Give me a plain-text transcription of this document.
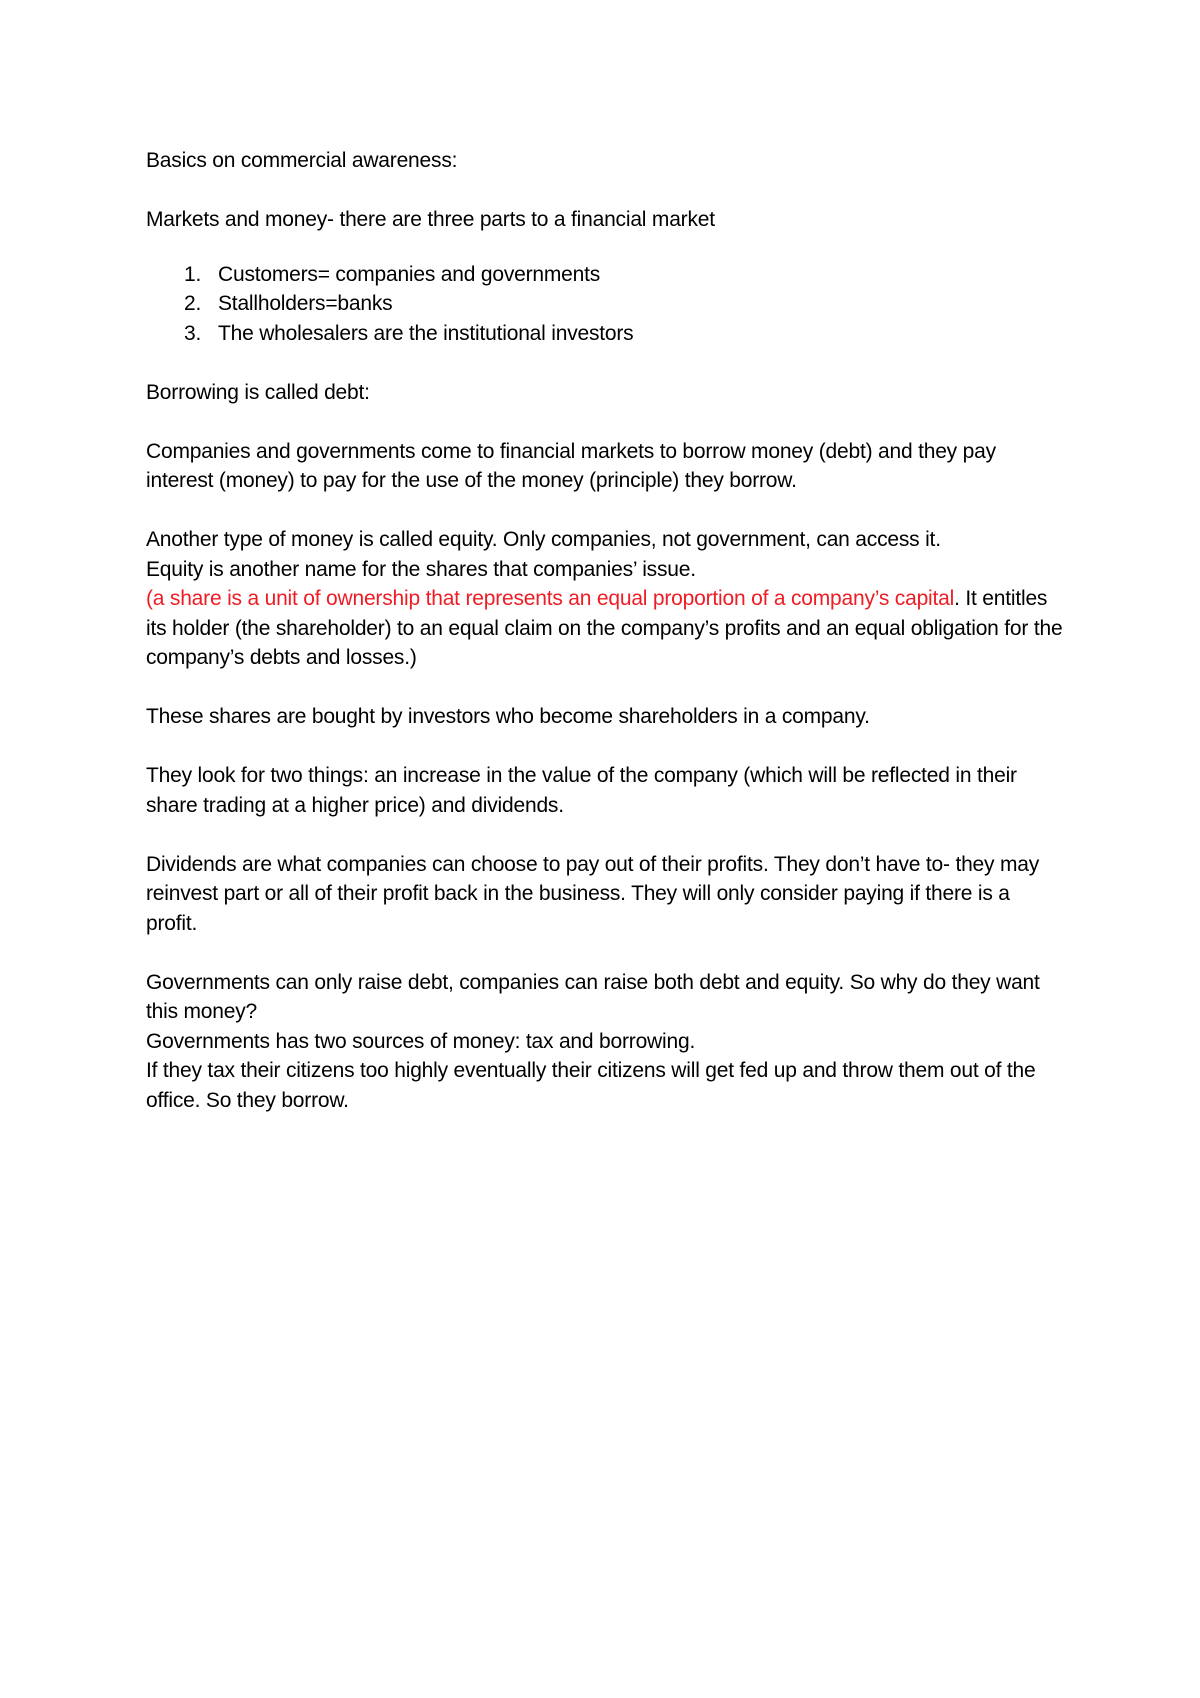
Basics on commercial awareness:

Markets and money- there are three parts to a financial market

1. Customers= companies and governments
2. Stallholders=banks
3. The wholesalers are the institutional investors

Borrowing is called debt:

Companies and governments come to financial markets to borrow money (debt) and they pay interest (money) to pay for the use of the money (principle) they borrow.

Another type of money is called equity. Only companies, not government, can access it.

Equity is another name for the shares that companies’ issue.

(a share is a unit of ownership that represents an equal proportion of a company’s capital. It entitles its holder (the shareholder) to an equal claim on the company’s profits and an equal obligation for the company’s debts and losses.)

These shares are bought by investors who become shareholders in a company.

They look for two things: an increase in the value of the company (which will be reflected in their share trading at a higher price) and dividends.

Dividends are what companies can choose to pay out of their profits. They don’t have to- they may reinvest part or all of their profit back in the business. They will only consider paying if there is a profit.

Governments can only raise debt, companies can raise both debt and equity. So why do they want this money?

Governments has two sources of money: tax and borrowing.

If they tax their citizens too highly eventually their citizens will get fed up and throw them out of the office. So they borrow.
